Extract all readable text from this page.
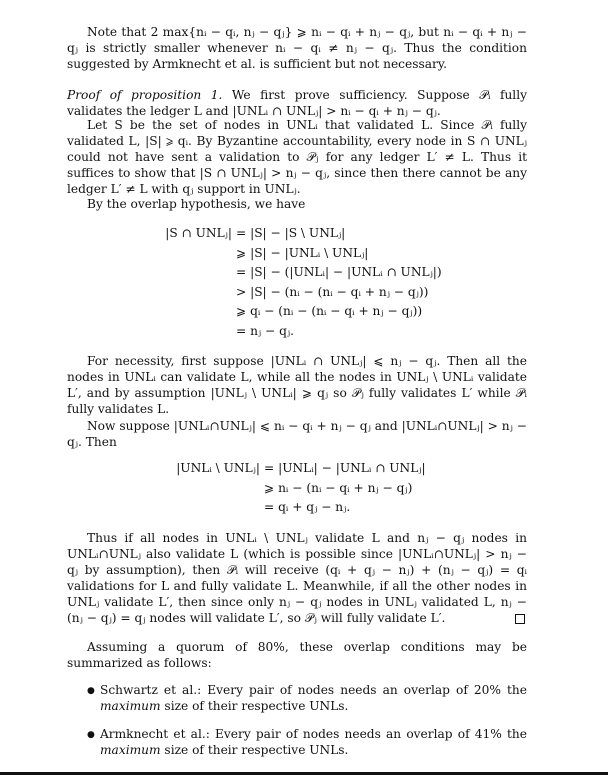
Note that 2 max{nᵢ − qᵢ, nⱼ − qⱼ} ⩾ nᵢ − qᵢ + nⱼ − qⱼ, but nᵢ − qᵢ + nⱼ − qⱼ is strictly smaller whenever nᵢ − qᵢ ≠ nⱼ − qⱼ. Thus the condition suggested by Armknecht et al. is sufficient but not necessary.

Proof of proposition 1. We first prove sufficiency. Suppose 𝒫ᵢ fully validates the ledger L and |UNLᵢ ∩ UNLⱼ| > nᵢ − qᵢ + nⱼ − qⱼ.

Let S be the set of nodes in UNLᵢ that validated L. Since 𝒫ᵢ fully validated L, |S| ⩾ qᵢ. By Byzantine accountability, every node in S ∩ UNLⱼ could not have sent a validation to 𝒫ⱼ for any ledger L′ ≠ L. Thus it suffices to show that |S ∩ UNLⱼ| > nⱼ − qⱼ, since then there cannot be any ledger L′ ≠ L with qⱼ support in UNLⱼ.

By the overlap hypothesis, we have

|S ∩ UNLⱼ| = |S| − |S \ UNLⱼ|
⩾ |S| − |UNLᵢ \ UNLⱼ|
= |S| − (|UNLᵢ| − |UNLᵢ ∩ UNLⱼ|)
> |S| − (nᵢ − (nᵢ − qᵢ + nⱼ − qⱼ))
⩾ qᵢ − (nᵢ − (nᵢ − qᵢ + nⱼ − qⱼ))
= nⱼ − qⱼ.

For necessity, first suppose |UNLᵢ ∩ UNLⱼ| ⩽ nⱼ − qⱼ. Then all the nodes in UNLᵢ can validate L, while all the nodes in UNLⱼ \ UNLᵢ validate L′, and by assumption |UNLⱼ \ UNLᵢ| ⩾ qⱼ so 𝒫ⱼ fully validates L′ while 𝒫ᵢ fully validates L.

Now suppose |UNLᵢ∩UNLⱼ| ⩽ nᵢ − qᵢ + nⱼ − qⱼ and |UNLᵢ∩UNLⱼ| > nⱼ − qⱼ. Then

|UNLᵢ \ UNLⱼ| = |UNLᵢ| − |UNLᵢ ∩ UNLⱼ|
⩾ nᵢ − (nᵢ − qᵢ + nⱼ − qⱼ)
= qᵢ + qⱼ − nⱼ.

Thus if all nodes in UNLᵢ \ UNLⱼ validate L and nⱼ − qⱼ nodes in UNLᵢ∩UNLⱼ also validate L (which is possible since |UNLᵢ∩UNLⱼ| > nⱼ − qⱼ by assumption), then 𝒫ᵢ will receive (qᵢ + qⱼ − nⱼ) + (nⱼ − qⱼ) = qᵢ validations for L and fully validate L. Meanwhile, if all the other nodes in UNLⱼ validate L′, then since only nⱼ − qⱼ nodes in UNLⱼ validated L, nⱼ − (nⱼ − qⱼ) = qⱼ nodes will validate L′, so 𝒫ⱼ will fully validate L′.

Assuming a quorum of 80%, these overlap conditions may be summarized as follows:

● Schwartz et al.: Every pair of nodes needs an overlap of 20% the maximum size of their respective UNLs.

● Armknecht et al.: Every pair of nodes needs an overlap of 41% the maximum size of their respective UNLs.
